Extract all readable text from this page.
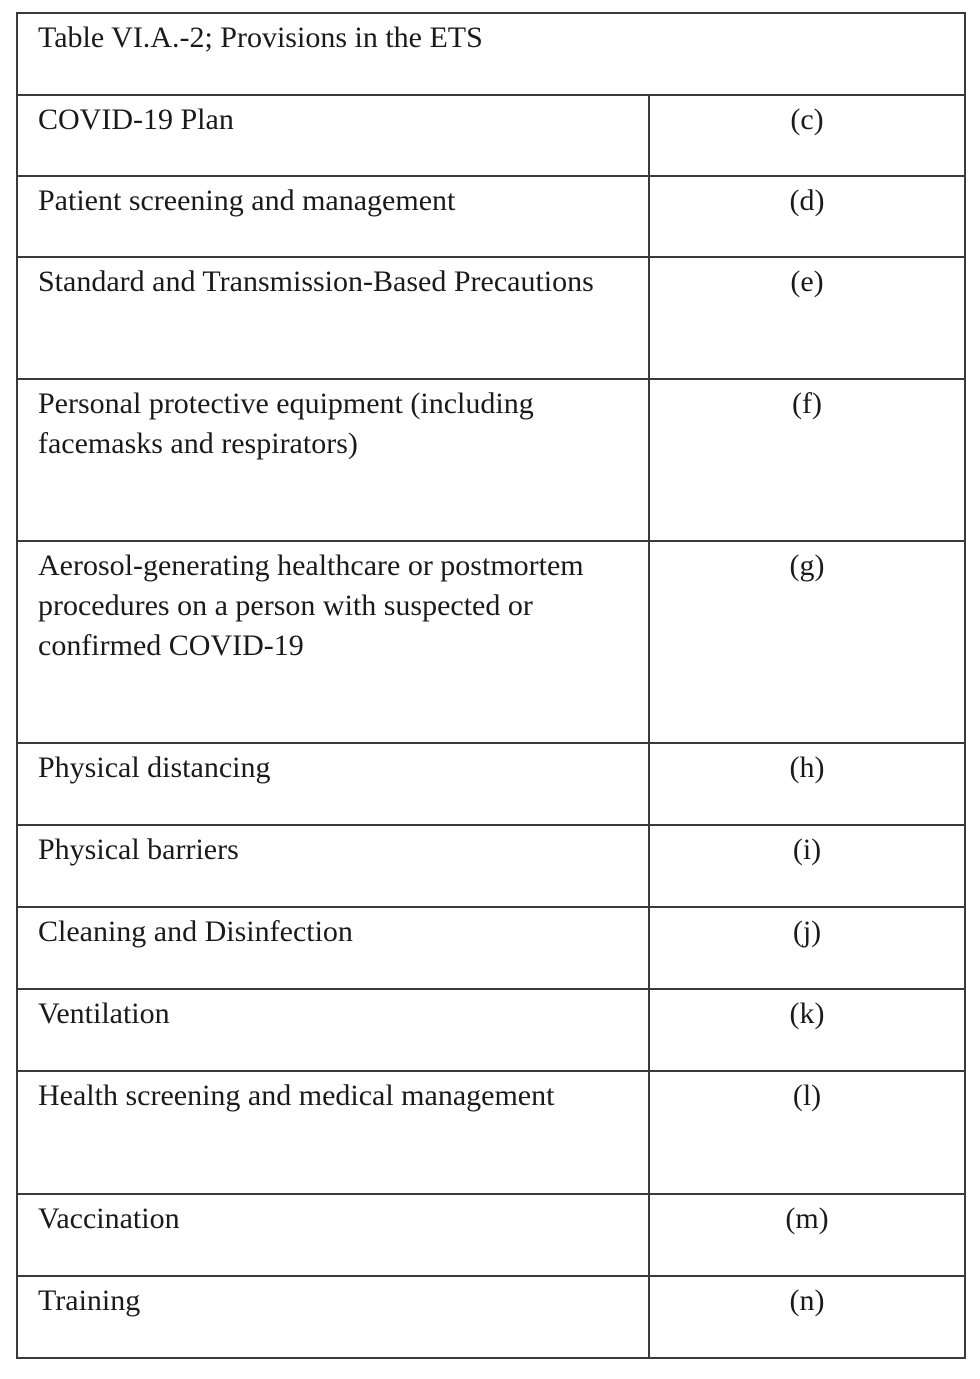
Table VI.A.-2; Provisions in the ETS	
COVID-19 Plan	(c)
Patient screening and management	(d)
Standard and Transmission-Based Precautions	(e)
Personal protective equipment (including facemasks and respirators)	(f)
Aerosol-generating healthcare or postmortem procedures on a person with suspected or confirmed COVID-19	(g)
Physical distancing	(h)
Physical barriers	(i)
Cleaning and Disinfection	(j)
Ventilation	(k)
Health screening and medical management	(l)
Vaccination	(m)
Training	(n)
